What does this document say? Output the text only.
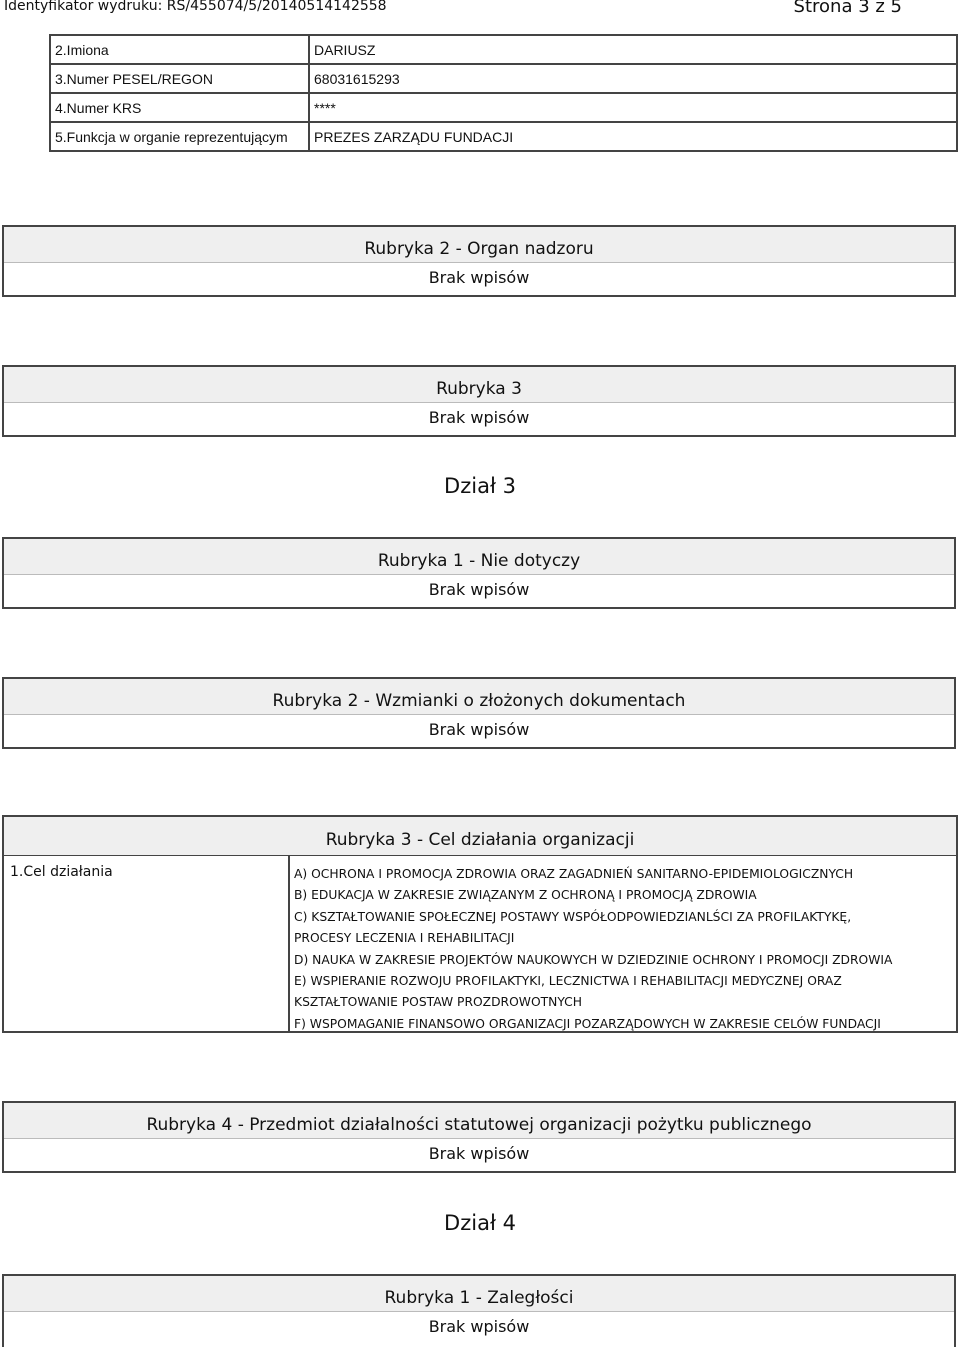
Identyfikator wydruku: RS/455074/5/20140514142558	Strona 3 z 5
2.Imiona	DARIUSZ
3.Numer PESEL/REGON	68031615293
4.Numer KRS	****
5.Funkcja w organie reprezentującym	PREZES ZARZĄDU FUNDACJI
Rubryka 2 - Organ nadzoru
Brak wpisów
Rubryka 3
Brak wpisów
Dział 3
Rubryka 1 - Nie dotyczy
Brak wpisów
Rubryka 2 - Wzmianki o złożonych dokumentach
Brak wpisów
Rubryka 3 - Cel działania organizacji
1.Cel działania	A) OCHRONA I PROMOCJA ZDROWIA ORAZ ZAGADNIEŃ SANITARNO-EPIDEMIOLOGICZNYCH
B) EDUKACJA W ZAKRESIE ZWIĄZANYM Z OCHRONĄ I PROMOCJĄ ZDROWIA
C) KSZTAŁTOWANIE SPOŁECZNEJ POSTAWY WSPÓŁODPOWIEDZIANLŚCI ZA PROFILAKTYKĘ,
PROCESY LECZENIA I REHABILITACJI
D) NAUKA W ZAKRESIE PROJEKTÓW NAUKOWYCH W DZIEDZINIE OCHRONY I PROMOCJI ZDROWIA
E) WSPIERANIE ROZWOJU PROFILAKTYKI, LECZNICTWA I REHABILITACJI MEDYCZNEJ ORAZ
KSZTAŁTOWANIE POSTAW PROZDROWOTNYCH
F) WSPOMAGANIE FINANSOWO ORGANIZACJI POZARZĄDOWYCH W ZAKRESIE CELÓW FUNDACJI
Rubryka 4 - Przedmiot działalności statutowej organizacji pożytku publicznego
Brak wpisów
Dział 4
Rubryka 1 - Zaległości
Brak wpisów
